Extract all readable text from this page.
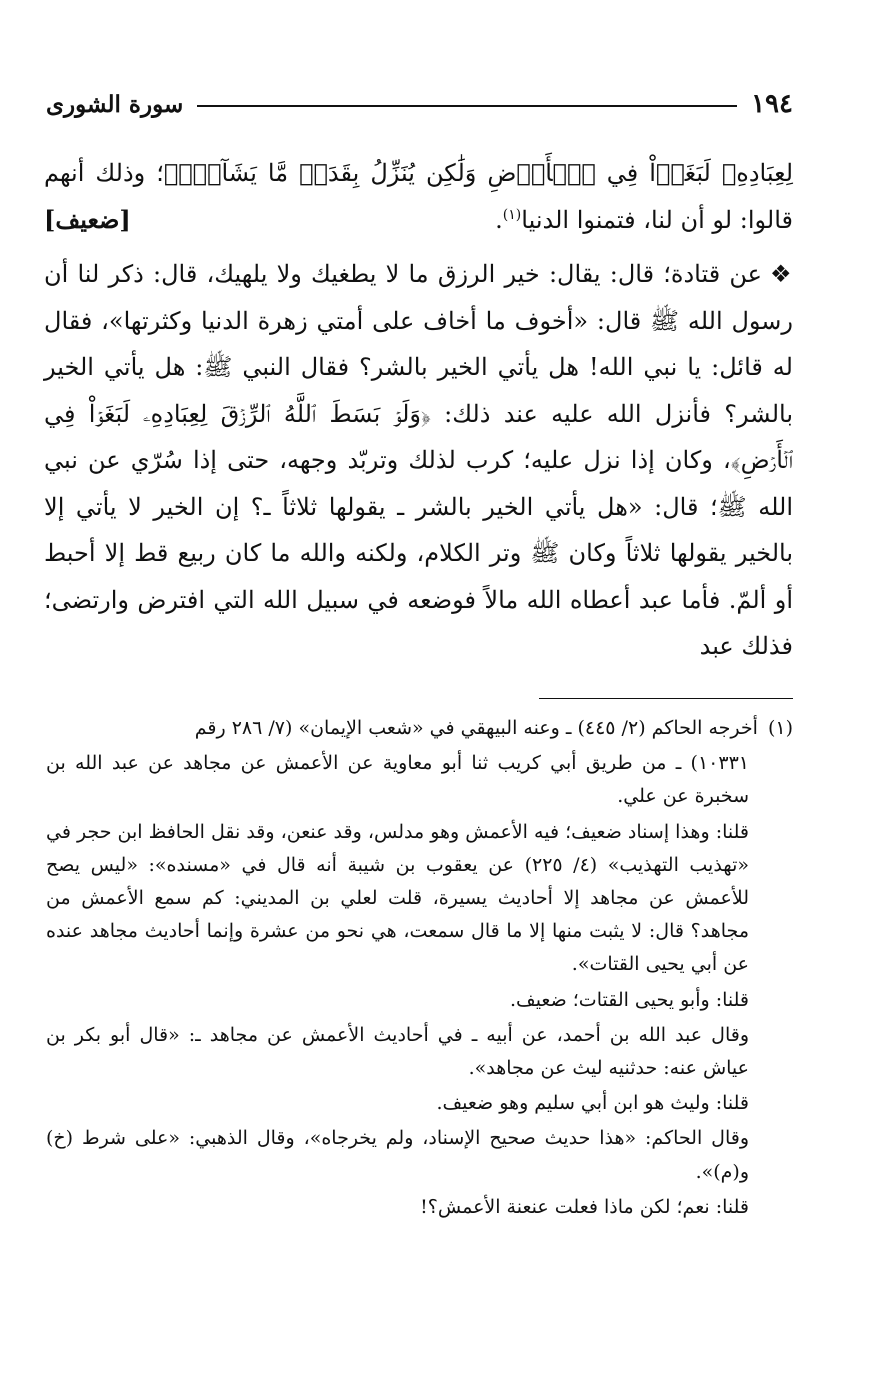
١٩٤
سورة الشورى

لِعِبَادِهِۦ لَبَغَوۡاْ فِي ٱلۡأَرۡضِ وَلَٰكِن يُنَزِّلُ بِقَدَرٖ مَّا يَشَآءُۚ﴾؛ وذلك أنهم قالوا: لو أن لنا، فتمنوا الدنيا$^{(١)}$.
[ضعيف]

❖عن قتادة؛ قال: يقال: خير الرزق ما لا يطغيك ولا يلهيك، قال: ذكر لنا أن رسول الله ﷺ قال: «أخوف ما أخاف على أمتي زهرة الدنيا وكثرتها»، فقال له قائل: يا نبي الله! هل يأتي الخير بالشر؟ فقال النبي ﷺ: هل يأتي الخير بالشر؟ فأنزل الله عليه عند ذلك: ﴿وَلَوۡ بَسَطَ ٱللَّهُ ٱلرِّزۡقَ لِعِبَادِهِۦ لَبَغَوۡاْ فِي ٱلۡأَرۡضِ﴾، وكان إذا نزل عليه؛ كرب لذلك وتربّد وجهه، حتى إذا سُرّي عن نبي الله ﷺ؛ قال: «هل يأتي الخير بالشر ـ يقولها ثلاثاً ـ؟ إن الخير لا يأتي إلا بالخير يقولها ثلاثاً وكان ﷺ وتر الكلام، ولكنه والله ما كان ربيع قط إلا أحبط أو ألمّ. فأما عبد أعطاه الله مالاً فوضعه في سبيل الله التي افترض وارتضى؛ فذلك عبد

(١)أخرجه الحاكم (٢/ ٤٤٥) ـ وعنه البيهقي في «شعب الإيمان» (٧/ ٢٨٦ رقم

١٠٣٣١) ـ من طريق أبي كريب ثنا أبو معاوية عن الأعمش عن مجاهد عن عبد الله بن سخبرة عن علي.

قلنا: وهذا إسناد ضعيف؛ فيه الأعمش وهو مدلس، وقد عنعن، وقد نقل الحافظ ابن حجر في «تهذيب التهذيب» (٤/ ٢٢٥) عن يعقوب بن شيبة أنه قال في «مسنده»: «ليس يصح للأعمش عن مجاهد إلا أحاديث يسيرة، قلت لعلي بن المديني: كم سمع الأعمش من مجاهد؟ قال: لا يثبت منها إلا ما قال سمعت، هي نحو من عشرة وإنما أحاديث مجاهد عنده عن أبي يحيى القتات».

قلنا: وأبو يحيى القتات؛ ضعيف.

وقال عبد الله بن أحمد، عن أبيه ـ في أحاديث الأعمش عن مجاهد ـ: «قال أبو بكر بن عياش عنه: حدثنيه ليث عن مجاهد».

قلنا: وليث هو ابن أبي سليم وهو ضعيف.

وقال الحاكم: «هذا حديث صحيح الإسناد، ولم يخرجاه»، وقال الذهبي: «على شرط (خ) و(م)».

قلنا: نعم؛ لكن ماذا فعلت عنعنة الأعمش؟!
